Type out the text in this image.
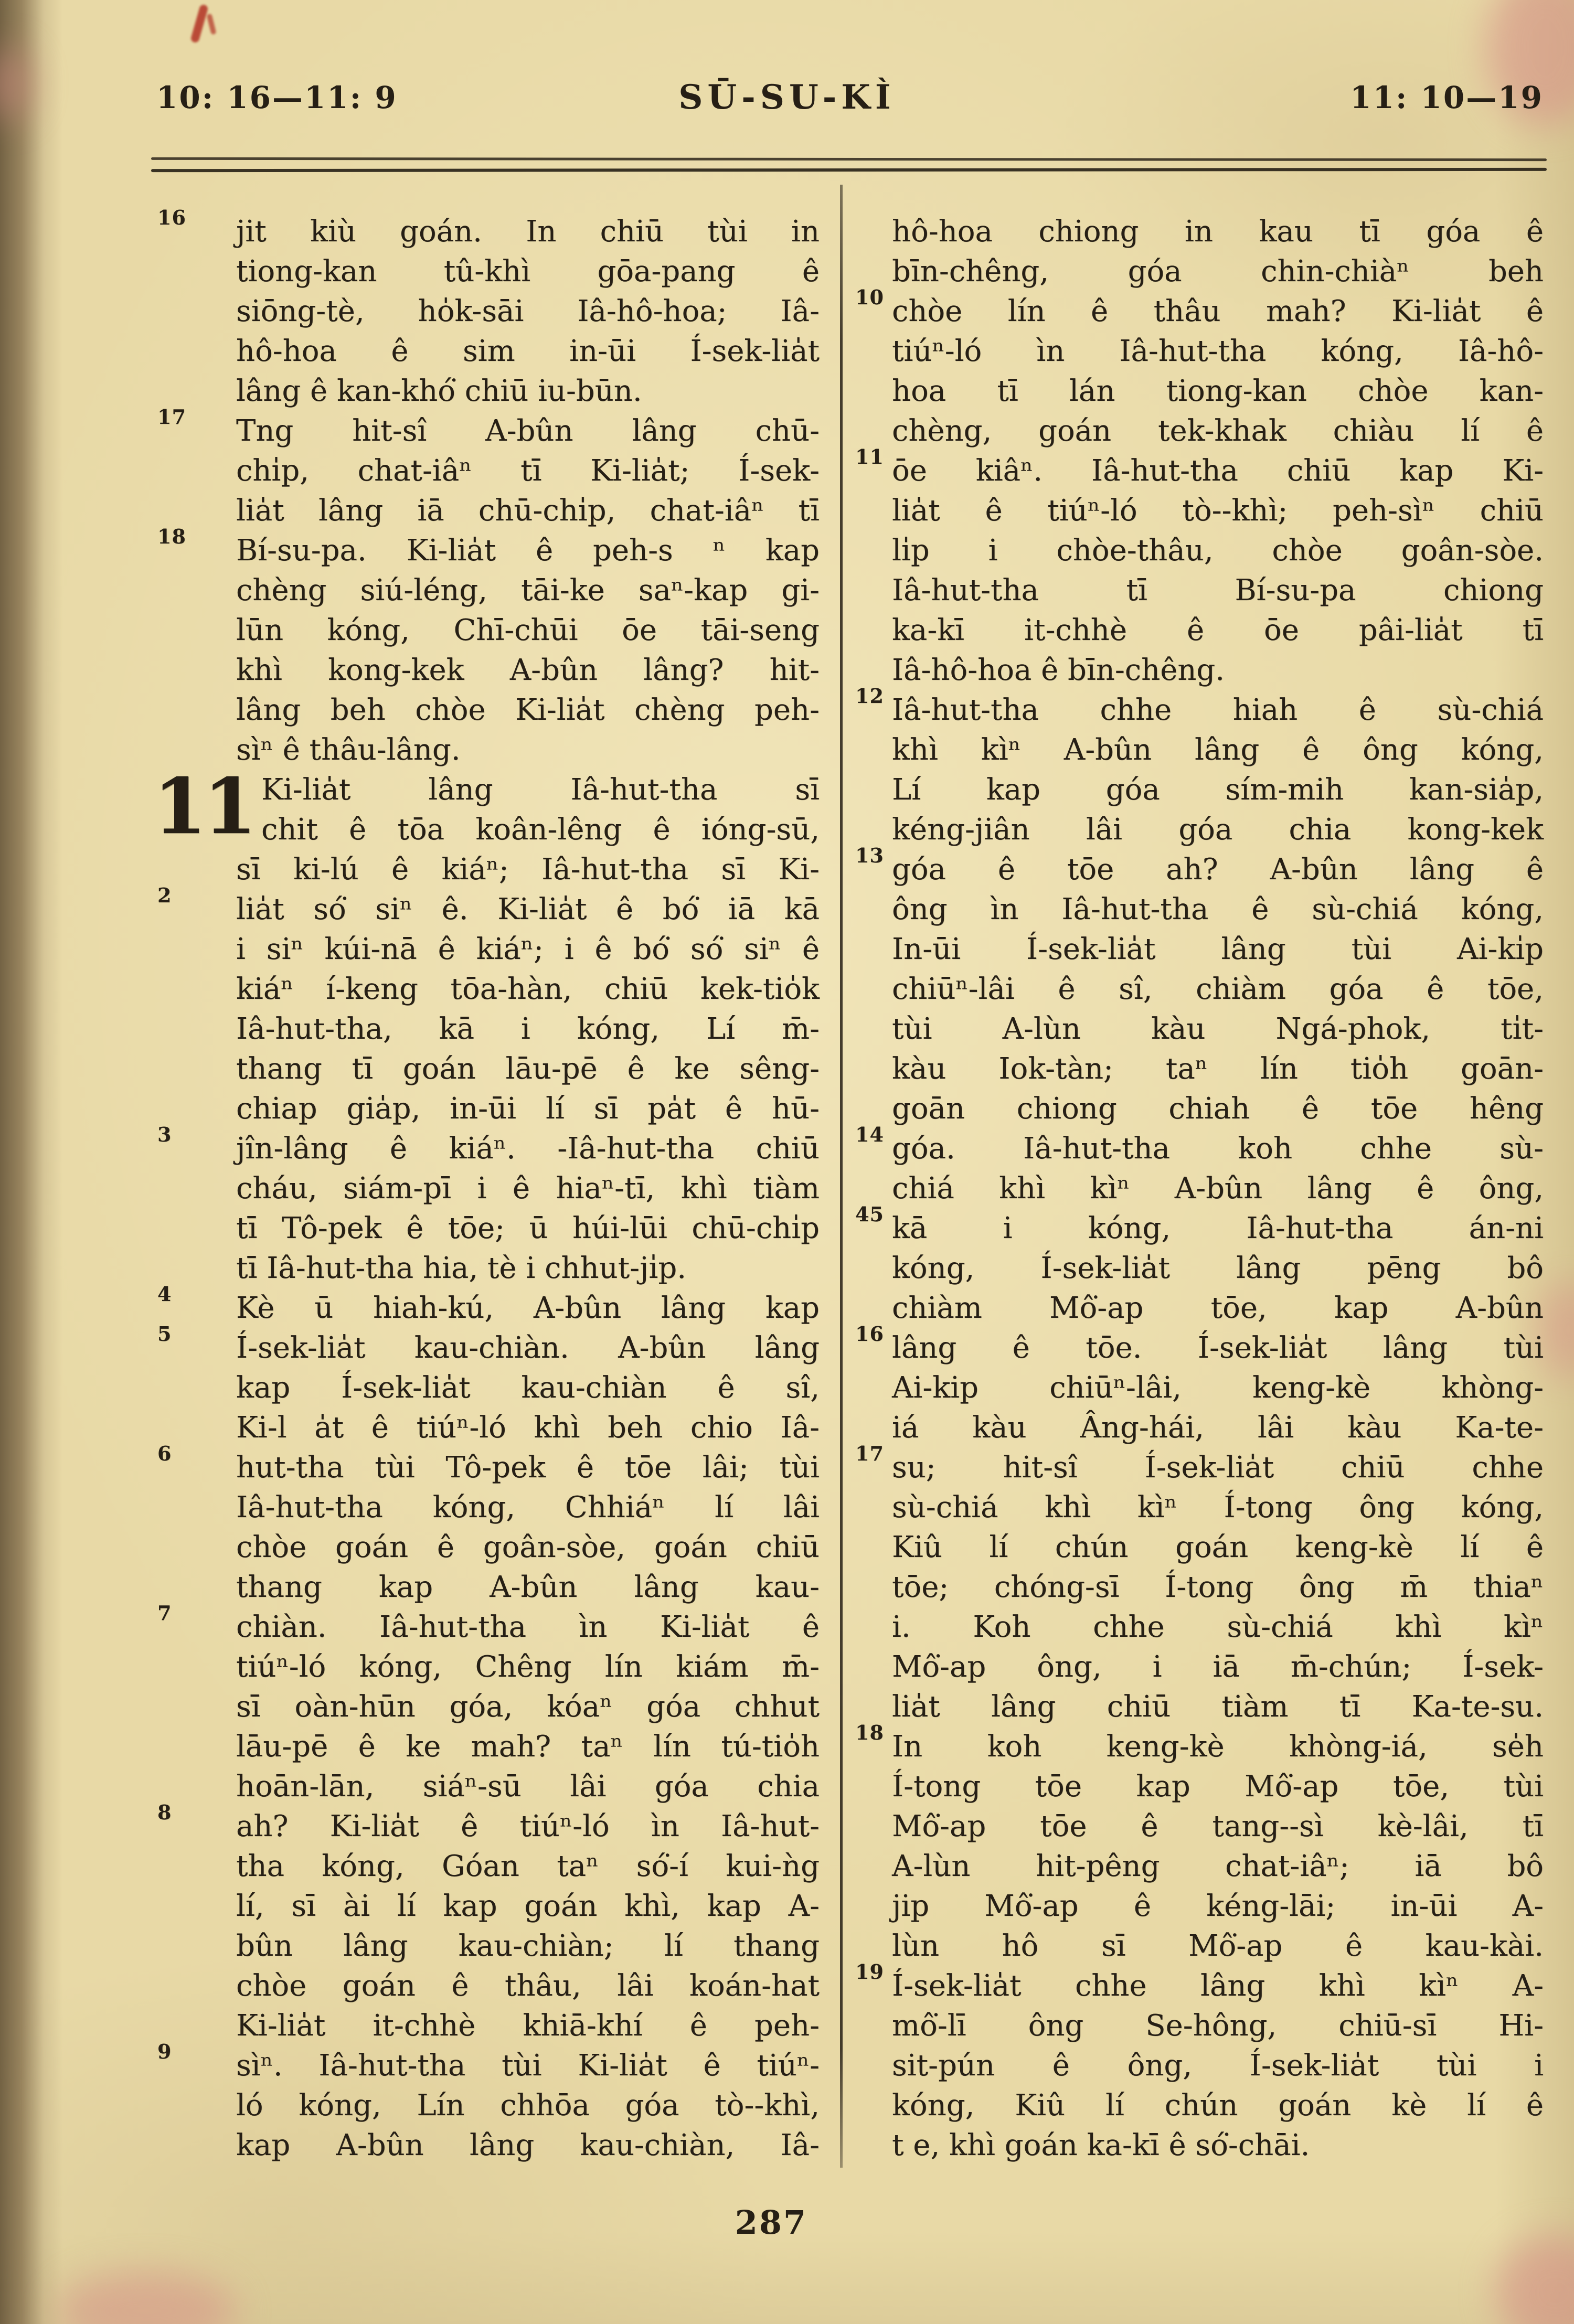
10: 16—11: 9	SŪ-SU-KÌ	11: 10—19
16 jit kiù goán. In chiū tùi in
tiong-kan tû-khì gōa-pang ê
siōng-tè, ho̍k-sāi Iâ-hô-hoa; Iâ-
hô-hoa ê sim in-ūi Í-sek-lia̍t
lâng ê kan-khó͘ chiū iu-būn.
17 Tng hit-sî A-bûn lâng chū-
chi̍p, chat-iâⁿ tī Ki-lia̍t; Í-sek-
lia̍t lâng iā chū-chi̍p, chat-iâⁿ tī
18 Bí-su-pa. Ki-lia̍t ê peh-s ⁿ kap
chèng siú-léng, tāi-ke saⁿ-kap gi-
lūn kóng, Chī-chūi ōe tāi-seng
khì kong-kek A-bûn lâng? hit-
lâng beh chòe Ki-lia̍t chèng peh-
sìⁿ ê thâu-lâng.
Ki-lia̍t lâng Iâ-hut-tha sī
chit ê tōa koân-lêng ê ióng-sū,
sī ki-lú ê kiáⁿ; Iâ-hut-tha sī Ki-
2 lia̍t só͘ siⁿ ê. Ki-lia̍t ê bó͘ iā kā
i siⁿ kúi-nā ê kiáⁿ; i ê bó͘ só͘ siⁿ ê
kiáⁿ í-keng tōa-hàn, chiū kek-tio̍k
Iâ-hut-tha, kā i kóng, Lí m̄-
thang tī goán lāu-pē ê ke sêng-
chiap gia̍p, in-ūi lí sī pa̍t ê hū-
3 jîn-lâng ê kiáⁿ. -Iâ-hut-tha chiū
cháu, siám-pī i ê hiaⁿ-tī, khì tiàm
tī Tô-pek ê tōe; ū húi-lūi chū-chi̍p
tī Iâ-hut-tha hia, tè i chhut-ji̍p.
4 Kè ū hiah-kú, A-bûn lâng kap
5 Í-sek-lia̍t kau-chiàn. A-bûn lâng
kap Í-sek-lia̍t kau-chiàn ê sî,
Ki-l a̍t ê tiúⁿ-ló khì beh chio Iâ-
6 hut-tha tùi Tô-pek ê tōe lâi; tùi
Iâ-hut-tha kóng, Chhiáⁿ lí lâi
chòe goán ê goân-sòe, goán chiū
thang kap A-bûn lâng kau-
7 chiàn. Iâ-hut-tha ìn Ki-lia̍t ê
tiúⁿ-ló kóng, Chêng lín kiám m̄-
sī oàn-hūn góa, kóaⁿ góa chhut
lāu-pē ê ke mah? taⁿ lín tú-tio̍h
hoān-lān, siáⁿ-sū lâi góa chia
8 ah? Ki-lia̍t ê tiúⁿ-ló ìn Iâ-hut-
tha kóng, Góan taⁿ só͘-í kui-ǹg
lí, sī ài lí kap goán khì, kap A-
bûn lâng kau-chiàn; lí thang
chòe goán ê thâu, lâi koán-hat
Ki-lia̍t it-chhè khiā-khí ê peh-
9 sìⁿ. Iâ-hut-tha tùi Ki-lia̍t ê tiúⁿ-
ló kóng, Lín chhōa góa tò--khì,
kap A-bûn lâng kau-chiàn, Iâ-
11
hô-hoa chiong in kau tī góa ê
bīn-chêng, góa chin-chiàⁿ beh
10 chòe lín ê thâu mah? Ki-lia̍t ê
tiúⁿ-ló ìn Iâ-hut-tha kóng, Iâ-hô-
hoa tī lán tiong-kan chòe kan-
chèng, goán tek-khak chiàu lí ê
11 ōe kiâⁿ. Iâ-hut-tha chiū kap Ki-
lia̍t ê tiúⁿ-ló tò--khì; peh-sìⁿ chiū
li̍p i chòe-thâu, chòe goân-sòe.
Iâ-hut-tha tī Bí-su-pa chiong
ka-kī it-chhè ê ōe pâi-lia̍t tī
Iâ-hô-hoa ê bīn-chêng.
12 Iâ-hut-tha chhe hiah ê sù-chiá
khì kìⁿ A-bûn lâng ê ông kóng,
Lí kap góa sím-mih kan-sia̍p,
kéng-jiân lâi góa chia kong-kek
13 góa ê tōe ah? A-bûn lâng ê
ông ìn Iâ-hut-tha ê sù-chiá kóng,
In-ūi Í-sek-lia̍t lâng tùi Ai-ki̍p
chiūⁿ-lâi ê sî, chiàm góa ê tōe,
tùi A-lùn kàu Ngá-phok, ti̍t-
kàu Iok-tàn; taⁿ lín tio̍h goān-
goān chiong chiah ê tōe hêng
14 góa. Iâ-hut-tha koh chhe sù-
chiá khì kìⁿ A-bûn lâng ê ông,
45 kā i kóng, Iâ-hut-tha án-ni
kóng, Í-sek-lia̍t lâng pēng bô
chiàm Mô͘-ap tōe, kap A-bûn
16 lâng ê tōe. Í-sek-lia̍t lâng tùi
Ai-kip chiūⁿ-lâi, keng-kè khòng-
iá kàu Âng-hái, lâi kàu Ka-te-
17 su; hit-sî Í-sek-lia̍t chiū chhe
sù-chiá khì kìⁿ Í-tong ông kóng,
Kiû lí chún goán keng-kè lí ê
tōe; chóng-sī Í-tong ông m̄ thiaⁿ
i. Koh chhe sù-chiá khì kìⁿ
Mô͘-ap ông, i iā m̄-chún; Í-sek-
lia̍t lâng chiū tiàm tī Ka-te-su.
18 In koh keng-kè khòng-iá, se̍h
Í-tong tōe kap Mô͘-ap tōe, tùi
Mô͘-ap tōe ê tang--sì kè-lâi, tī
A-lùn hit-pêng chat-iâⁿ; iā bô
jip Mô͘-ap ê kéng-lāi; in-ūi A-
lùn hô sī Mô͘-ap ê kau-kài.
19 Í-sek-lia̍t chhe lâng khì kìⁿ A-
mô͘-lī ông Se-hông, chiū-sī Hi-
sit-pún ê ông, Í-sek-lia̍t tùi i
kóng, Kiû lí chún goán kè lí ê
t e, khì goán ka-kī ê só͘-chāi.
287
